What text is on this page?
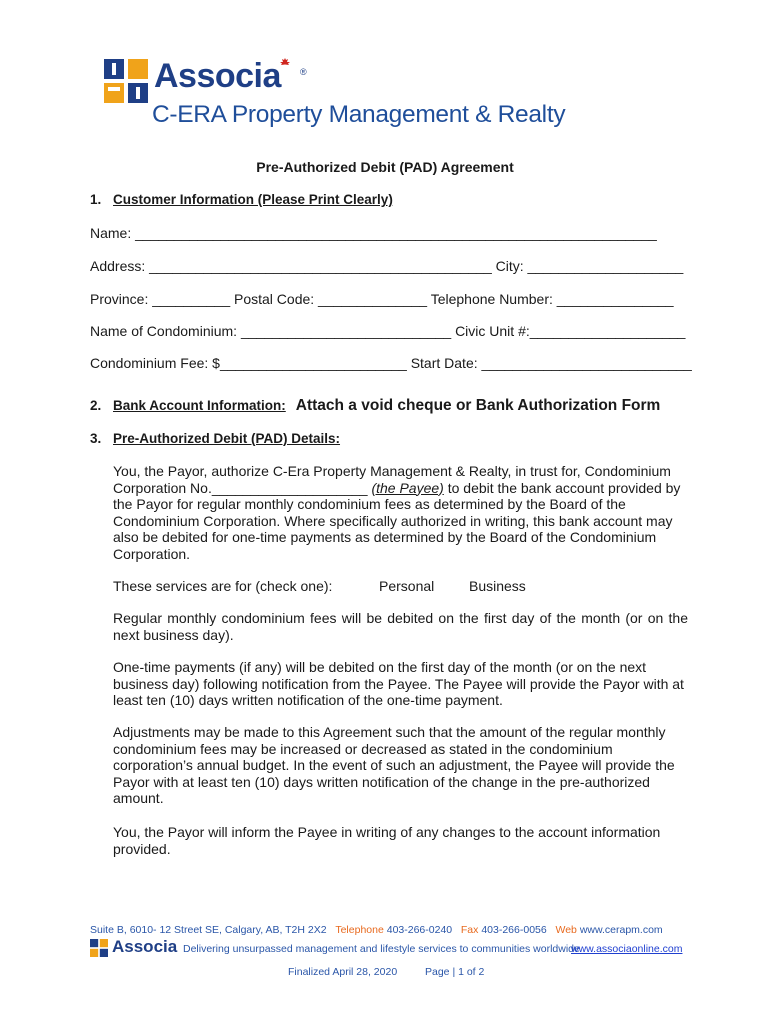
Associa ®
C-ERA Property Management & Realty
Pre-Authorized Debit (PAD) Agreement
1. Customer Information (Please Print Clearly)
Name: ___________________________________________________________________
Address: ____________________________________________ City: ____________________
Province: __________ Postal Code: ______________ Telephone Number: _______________
Name of Condominium: ___________________________ Civic Unit #:____________________
Condominium Fee: $________________________ Start Date: ___________________________
2. Bank Account Information: Attach a void cheque or Bank Authorization Form
3. Pre-Authorized Debit (PAD) Details:
You, the Payor, authorize C-Era Property Management & Realty, in trust for, Condominium Corporation No.____________________ (the Payee) to debit the bank account provided by the Payor for regular monthly condominium fees as determined by the Board of the Condominium Corporation. Where specifically authorized in writing, this bank account may also be debited for one-time payments as determined by the Board of the Condominium Corporation.
These services are for (check one):	Personal Business
Regular monthly condominium fees will be debited on the first day of the month (or on the next business day).
One-time payments (if any) will be debited on the first day of the month (or on the next business day) following notification from the Payee. The Payee will provide the Payor with at least ten (10) days written notification of the one-time payment.
Adjustments may be made to this Agreement such that the amount of the regular monthly condominium fees may be increased or decreased as stated in the condominium corporation’s annual budget. In the event of such an adjustment, the Payee will provide the Payor with at least ten (10) days written notification of the change in the pre-authorized amount.
You, the Payor will inform the Payee in writing of any changes to the account information provided.
Suite B, 6010- 12 Street SE, Calgary, AB, T2H 2X2 Telephone 403-266-0240 Fax 403-266-0056 Web www.cerapm.com
Associa Delivering unsurpassed management and lifestyle services to communities worldwide
www.associaonline.com
Finalized April 28, 2020	Page | 1 of 2
